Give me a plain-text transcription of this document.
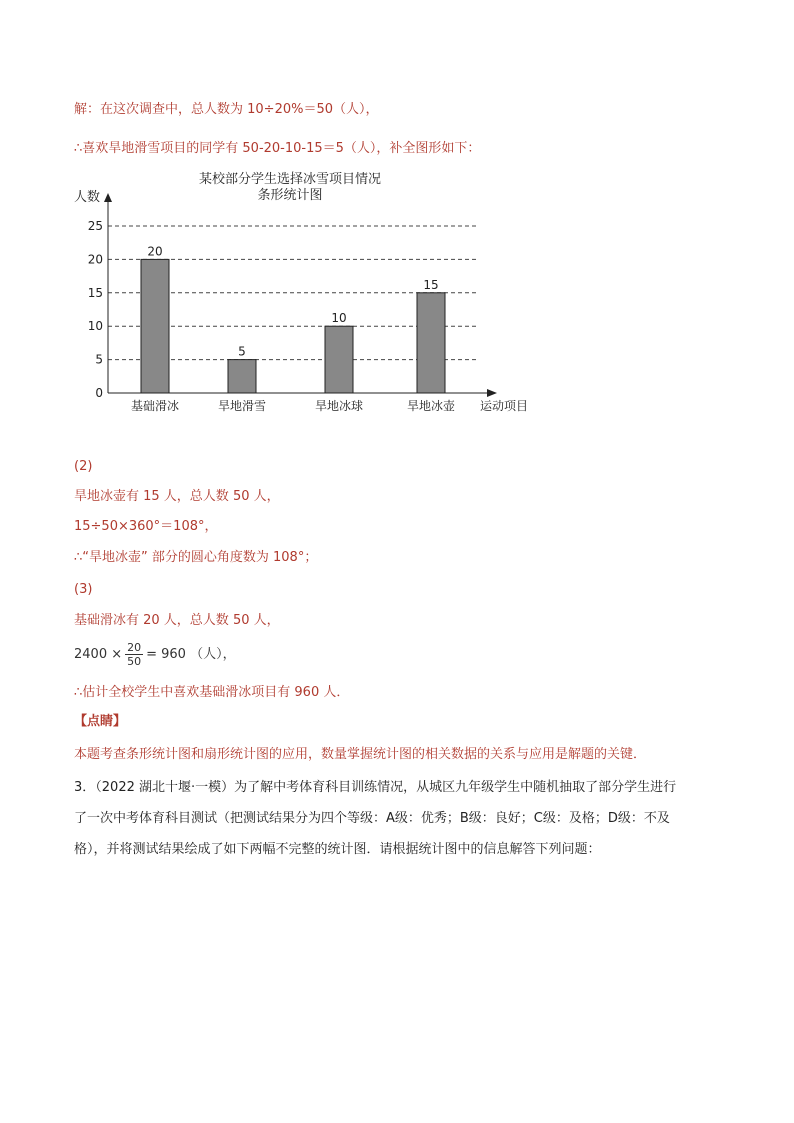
解：在这次调查中，总人数为 10÷20%＝50（人），
∴喜欢旱地滑雪项目的同学有 50-20-10-15＝5（人），补全图形如下：
某校部分学生选择冰雪项目情况
条形统计图
0
5
10
15
20
25
人数
运动项目
20
基础滑冰
5
旱地滑雪
10
旱地冰球
15
旱地冰壶
(2)
旱地冰壶有 15 人，总人数 50 人，
15÷50×360°＝108°，
∴“旱地冰壶” 部分的圆心角度数为 108°；
(3)
基础滑冰有 20 人，总人数 50 人，
$2400 \times \frac{20}{50} = 960$ （人），
∴估计全校学生中喜欢基础滑冰项目有 960 人．
【点睛】
本题考查条形统计图和扇形统计图的应用，数量掌握统计图的相关数据的关系与应用是解题的关键．
3．（2022 湖北十堰·一模）为了解中考体育科目训练情况，从城区九年级学生中随机抽取了部分学生进行
了一次中考体育科目测试（把测试结果分为四个等级：A级：优秀；B级：良好；C级：及格；D级：不及
格），并将测试结果绘成了如下两幅不完整的统计图．请根据统计图中的信息解答下列问题：
